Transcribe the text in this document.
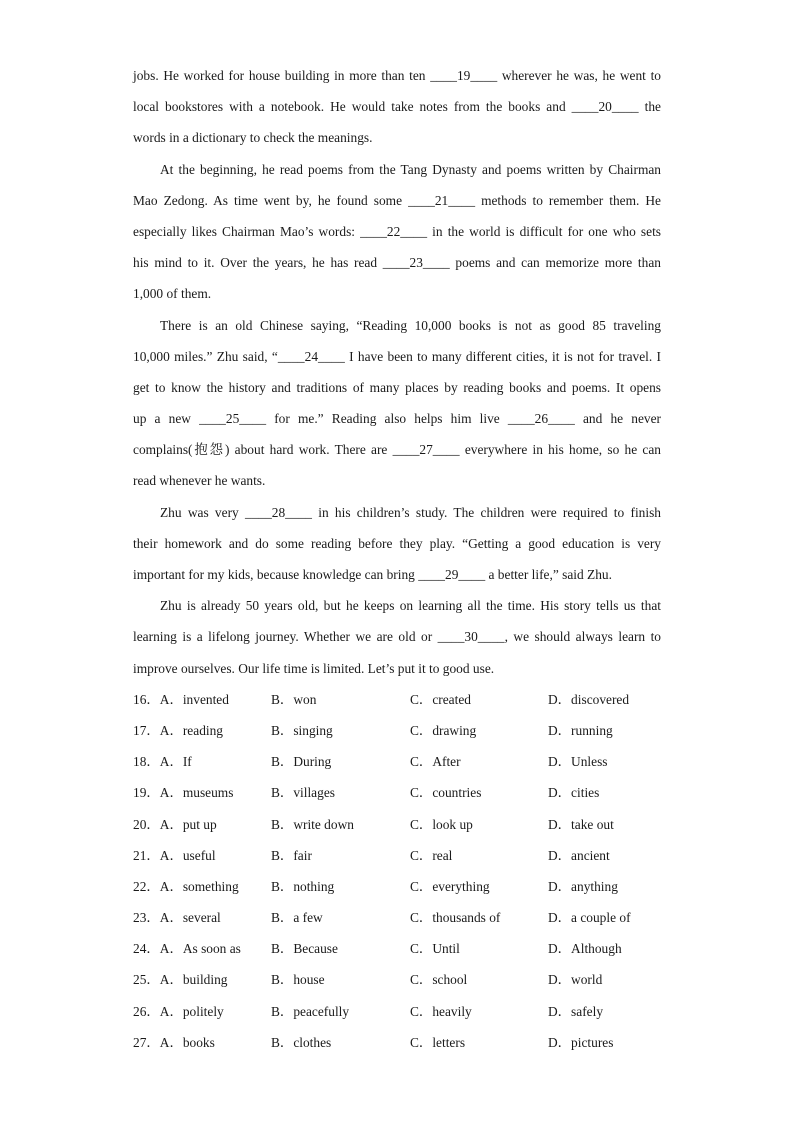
jobs. He worked for house building in more than ten ____19____ wherever he was, he went to
local bookstores with a notebook. He would take notes from the books and ____20____ the
words in a dictionary to check the meanings.
At the beginning, he read poems from the Tang Dynasty and poems written by Chairman
Mao Zedong. As time went by, he found some ____21____ methods to remember them. He
especially likes Chairman Mao’s words: ____22____ in the world is difficult for one who sets
his mind to it. Over the years, he has read ____23____ poems and can memorize more than
1,000 of them.
There is an old Chinese saying, “Reading 10,000 books is not as good 85 traveling
10,000 miles.” Zhu said, “____24____ I have been to many different cities, it is not for travel. I
get to know the history and traditions of many places by reading books and poems. It opens
up a new ____25____ for me.” Reading also helps him live ____26____ and he never
complains(抱怨) about hard work. There are ____27____ everywhere in his home, so he can
read whenever he wants.
Zhu was very ____28____ in his children’s study. The children were required to finish
their homework and do some reading before they play. “Getting a good education is very
important for my kids, because knowledge can bring ____29____ a better life,” said Zhu.
Zhu is already 50 years old, but he keeps on learning all the time. His story tells us that
learning is a lifelong journey. Whether we are old or ____30____, we should always learn to
improve ourselves. Our life time is limited. Let’s put it to good use.
16．A．invented	B．won	C．created	D．discovered
17．A．reading	B．singing	C．drawing	D．running
18．A．If	B．During	C．After	D．Unless
19．A．museums	B．villages	C．countries	D．cities
20．A．put up	B．write down	C．look up	D．take out
21．A．useful	B．fair	C．real	D．ancient
22．A．something B．nothing	C．everything	D．anything
23．A．several	B．a few	C．thousands of	D．a couple of
24．A．As soon as B．Because	C．Until	D．Although
25．A．building	B．house	C．school	D．world
26．A．politely	B．peacefully	C．heavily	D．safely
27．A．books	B．clothes	C．letters	D．pictures
